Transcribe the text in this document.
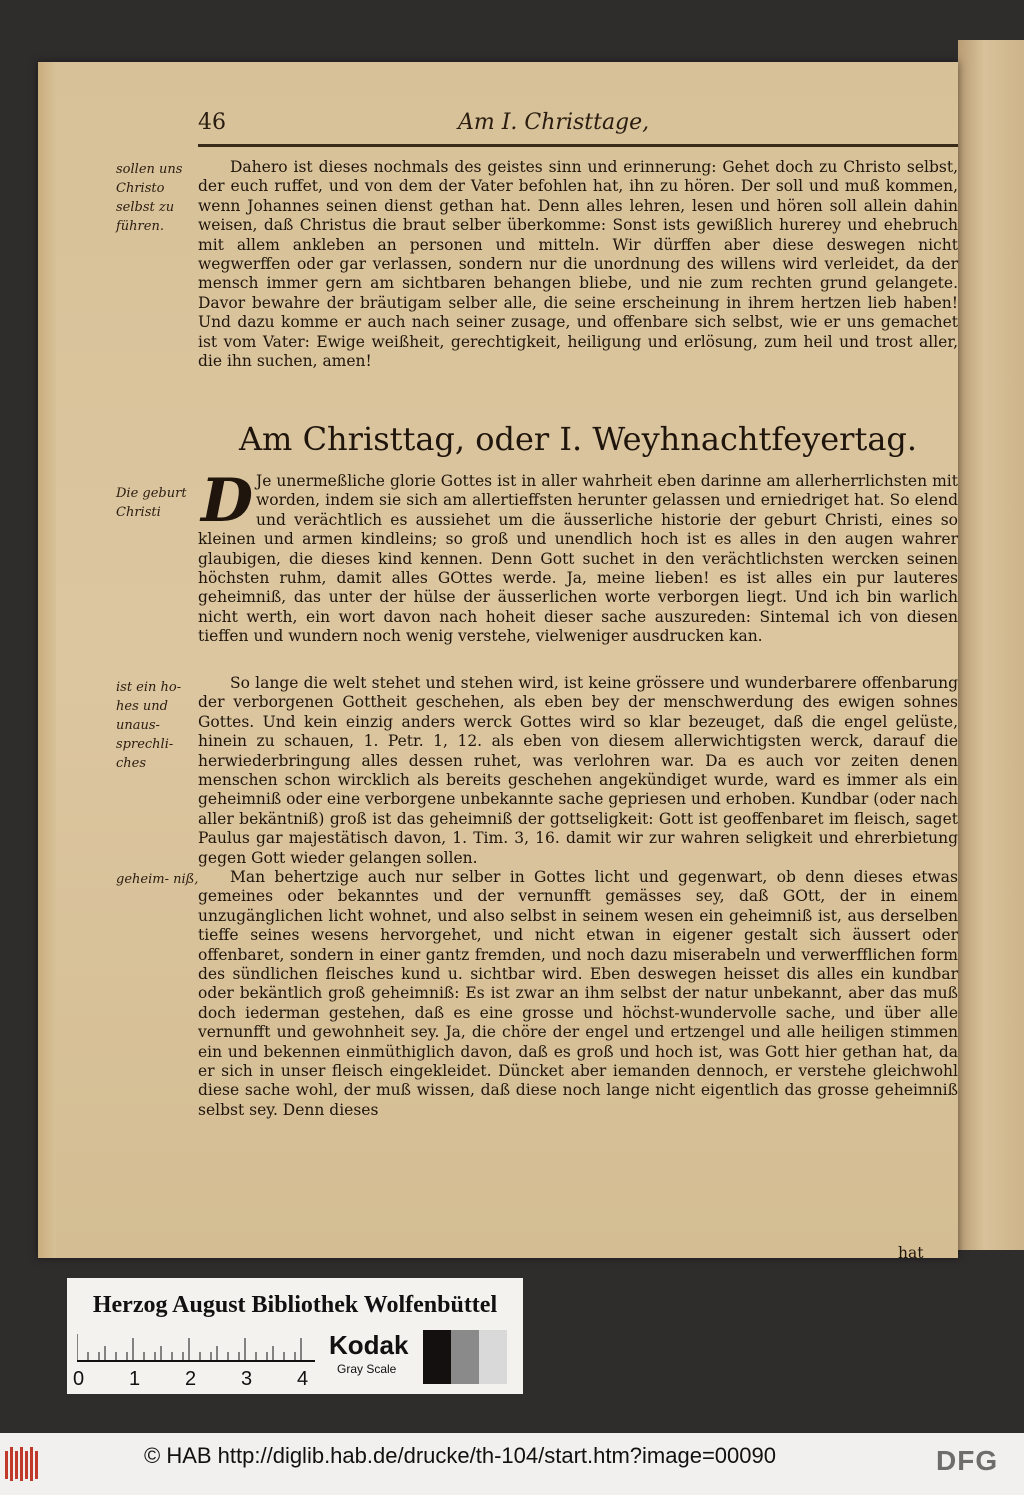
46	Am I. Christtage,
sollen uns Christo selbst zu führen.
Dahero ist dieses nochmals des geistes sinn und erinnerung: Gehet doch zu Christo selbst, der euch ruffet, und von dem der Vater befohlen hat, ihn zu hören. Der soll und muß kommen, wenn Johannes seinen dienst gethan hat. Denn alles lehren, lesen und hören soll allein dahin weisen, daß Christus die braut selber überkomme: Sonst ists gewißlich hurerey und ehebruch mit allem ankleben an personen und mitteln. Wir dürffen aber diese deswegen nicht wegwerffen oder gar verlassen, sondern nur die unordnung des willens wird verleidet, da der mensch immer gern am sichtbaren behangen bliebe, und nie zum rechten grund gelangete. Davor bewahre der bräutigam selber alle, die seine erscheinung in ihrem hertzen lieb haben! Und dazu komme er auch nach seiner zusage, und offenbare sich selbst, wie er uns gemachet ist vom Vater: Ewige weißheit, gerechtigkeit, heiligung und erlösung, zum heil und trost aller, die ihn suchen, amen!
Am Christtag, oder I. Weyhnachtfeyertag.
Die geburt Christi D Je unermeßliche glorie Gottes ist in aller wahrheit eben darinne am allerherrlichsten mit worden, indem sie sich am allertieffsten herunter gelassen und erniedriget hat. So elend und verächtlich es aussiehet um die äusserliche historie der geburt Christi, eines so kleinen und armen kindleins; so groß und unendlich hoch ist es alles in den augen wahrer glaubigen, die dieses kind kennen. Denn Gott suchet in den verächtlichsten wercken seinen höchsten ruhm, damit alles GOttes werde. Ja, meine lieben! es ist alles ein pur lauteres geheimniß, das unter der hülse der äusserlichen worte verborgen liegt. Und ich bin warlich nicht werth, ein wort davon nach hoheit dieser sache auszureden: Sintemal ich von diesen tieffen und wundern noch wenig verstehe, vielweniger ausdrucken kan.
ist ein ho- hes und unaus- sprechli- ches
So lange die welt stehet und stehen wird, ist keine grössere und wunderbarere offenbarung der verborgenen Gottheit geschehen, als eben bey der menschwerdung des ewigen sohnes Gottes. Und kein einzig anders werck Gottes wird so klar bezeuget, daß die engel gelüste, hinein zu schauen, 1. Petr. 1, 12. als eben von diesem allerwichtigsten werck, darauf die herwiederbringung alles dessen ruhet, was verlohren war. Da es auch vor zeiten denen menschen schon wircklich als bereits geschehen angekündiget wurde, ward es immer als ein geheimniß oder eine verborgene unbekannte sache gepriesen und erhoben. Kundbar (oder nach aller bekäntniß) groß ist das geheimniß der gottseligkeit: Gott ist geoffenbaret im fleisch, saget Paulus gar majestätisch davon, 1. Tim. 3, 16. damit wir zur wahren seligkeit und ehrerbietung gegen Gott wieder gelangen sollen.
geheim- niß,	Man behertzige auch nur selber in Gottes licht und gegenwart, ob denn dieses etwas gemeines oder bekanntes und der vernunfft gemässes sey, daß GOtt, der in einem unzugänglichen licht wohnet, und also selbst in seinem wesen ein geheimniß ist, aus derselben tieffe seines wesens hervorgehet, und nicht etwan in eigener gestalt sich äussert oder offenbaret, sondern in einer gantz fremden, und noch dazu miserabeln und verwerfflichen form des sündlichen fleisches kund u. sichtbar wird. Eben deswegen heisset dis alles ein kundbar oder bekäntlich groß geheimniß: Es ist zwar an ihm selbst der natur unbekannt, aber das muß doch iederman gestehen, daß es eine grosse und höchst-wundervolle sache, und über alle vernunfft und gewohnheit sey. Ja, die chöre der engel und ertzengel und alle heiligen stimmen ein und bekennen einmüthiglich davon, daß es groß und hoch ist, was Gott hier gethan hat, da er sich in unser fleisch eingekleidet. Düncket aber iemanden dennoch, er verstehe gleichwohl diese sache wohl, der muß wissen, daß diese noch lange nicht eigentlich das grosse geheimniß selbst sey. Denn dieses
hat
Herzog August Bibliothek Wolfenbüttel
0 1 2 3 4
Kodak
Gray Scale
© HAB http://diglib.hab.de/drucke/th-104/start.htm?image=00090	DFG
